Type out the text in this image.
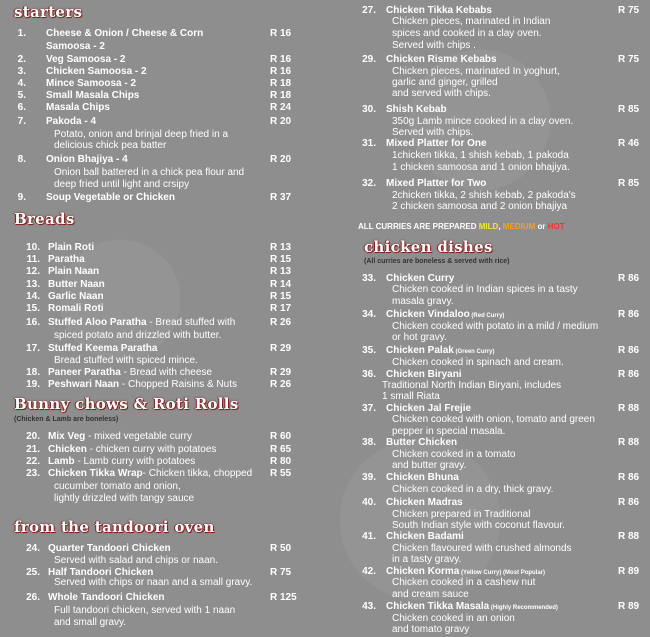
starters
1. Cheese & Onion / Cheese & Corn	R 16
Samoosa - 2
2. Veg Samoosa - 2	R 16
3. Chicken Samoosa - 2	R 16
4. Mince Samoosa - 2	R 18
5. Small Masala Chips	R 18
6. Masala Chips	R 24
7. Pakoda - 4	R 20
Potato, onion and brinjal deep fried in a
delicious chick pea batter
8. Onion Bhajiya - 4	R 20
Onion ball battered in a chick pea flour and
deep fried until light and crsipy
9. Soup Vegetable or Chicken	R 37
Breads
10. Plain Roti	R 13
11. Paratha	R 15
12. Plain Naan	R 13
13. Butter Naan	R 14
14. Garlic Naan	R 15
15. Romali Roti	R 17
16. Stuffed Aloo Paratha - Bread stuffed with	R 26
spiced potato and drizzled with butter.
17. Stuffed Keema Paratha	R 29
Bread stuffed with spiced mince.
18. Paneer Paratha - Bread with cheese	R 29
19. Peshwari Naan - Chopped Raisins & Nuts	R 26
Bunny chows & Roti Rolls
(Chicken & Lamb are boneless)
20. Mix Veg - mixed vegetable curry	R 60
21. Chicken - chicken curry with potatoes	R 65
22. Lamb - Lamb curry with potatoes	R 80
23. Chicken Tikka Wrap- Chicken tikka, chopped R 55
cucumber tomato and onion,
lightly drizzled with tangy sauce
from the tandoori oven
24. Quarter Tandoori Chicken	R 50
Served with salad and chips or naan.
25. Half Tandoori Chicken	R 75
Served with chips or naan and a small gravy.
26. Whole Tandoori Chicken	R 125
Full tandoori chicken, served with 1 naan
and small gravy.
27. Chicken Tikka Kebabs	R 75
Chicken pieces, marinated in Indian
spices and cooked in a clay oven.
Served with chips .
29. Chicken Risme Kebabs	R 75
Chicken pieces, marinated In yoghurt,
garlic and ginger, grilled
and served with chips.
30. Shish Kebab	R 85
350g Lamb mince cooked in a clay oven.
Served with chips.
31. Mixed Platter for One	R 46
1chicken tikka, 1 shish kebab, 1 pakoda
1 chicken samoosa and 1 onion bhajiya.
32. Mixed Platter for Two	R 85
2chicken tikka, 2 shish kebab, 2 pakoda's
2 chicken samoosa and 2 onion bhajiya
chicken dishes
(All curries are boneless & served with rice)
33. Chicken Curry	R 86
Chicken cooked in Indian spices in a tasty
masala gravy.
34. Chicken Vindaloo (Red Curry)	R 86
Chicken cooked with potato in a mild / medium
or hot gravy.
35. Chicken Palak (Green Curry)	R 86
Chicken cooked in spinach and cream.
36. Chicken Biryani	R 86
Traditional North Indian Biryani, includes
1 small Riata
37. Chicken Jal Frejie	R 88
Chicken cooked with onion, tomato and green
pepper in special masala.
38. Butter Chicken	R 88
Chicken cooked in a tomato
and butter gravy.
39. Chicken Bhuna	R 86
Chicken cooked in a dry, thick gravy.
40. Chicken Madras	R 86
Chicken prepared in Traditional
South Indian style with coconut flavour.
41. Chicken Badami	R 88
Chicken flavoured with crushed almonds
in a tasty gravy.
42. Chicken Korma (Yellow Curry) (Most Popular)	R 89
Chicken cooked in a cashew nut
and cream sauce
43. Chicken Tikka Masala (Highly Recommended)	R 89
Chicken cooked in an onion
and tomato gravy
ALL CURRIES ARE PREPARED MILD, MEDIUM or HOT
